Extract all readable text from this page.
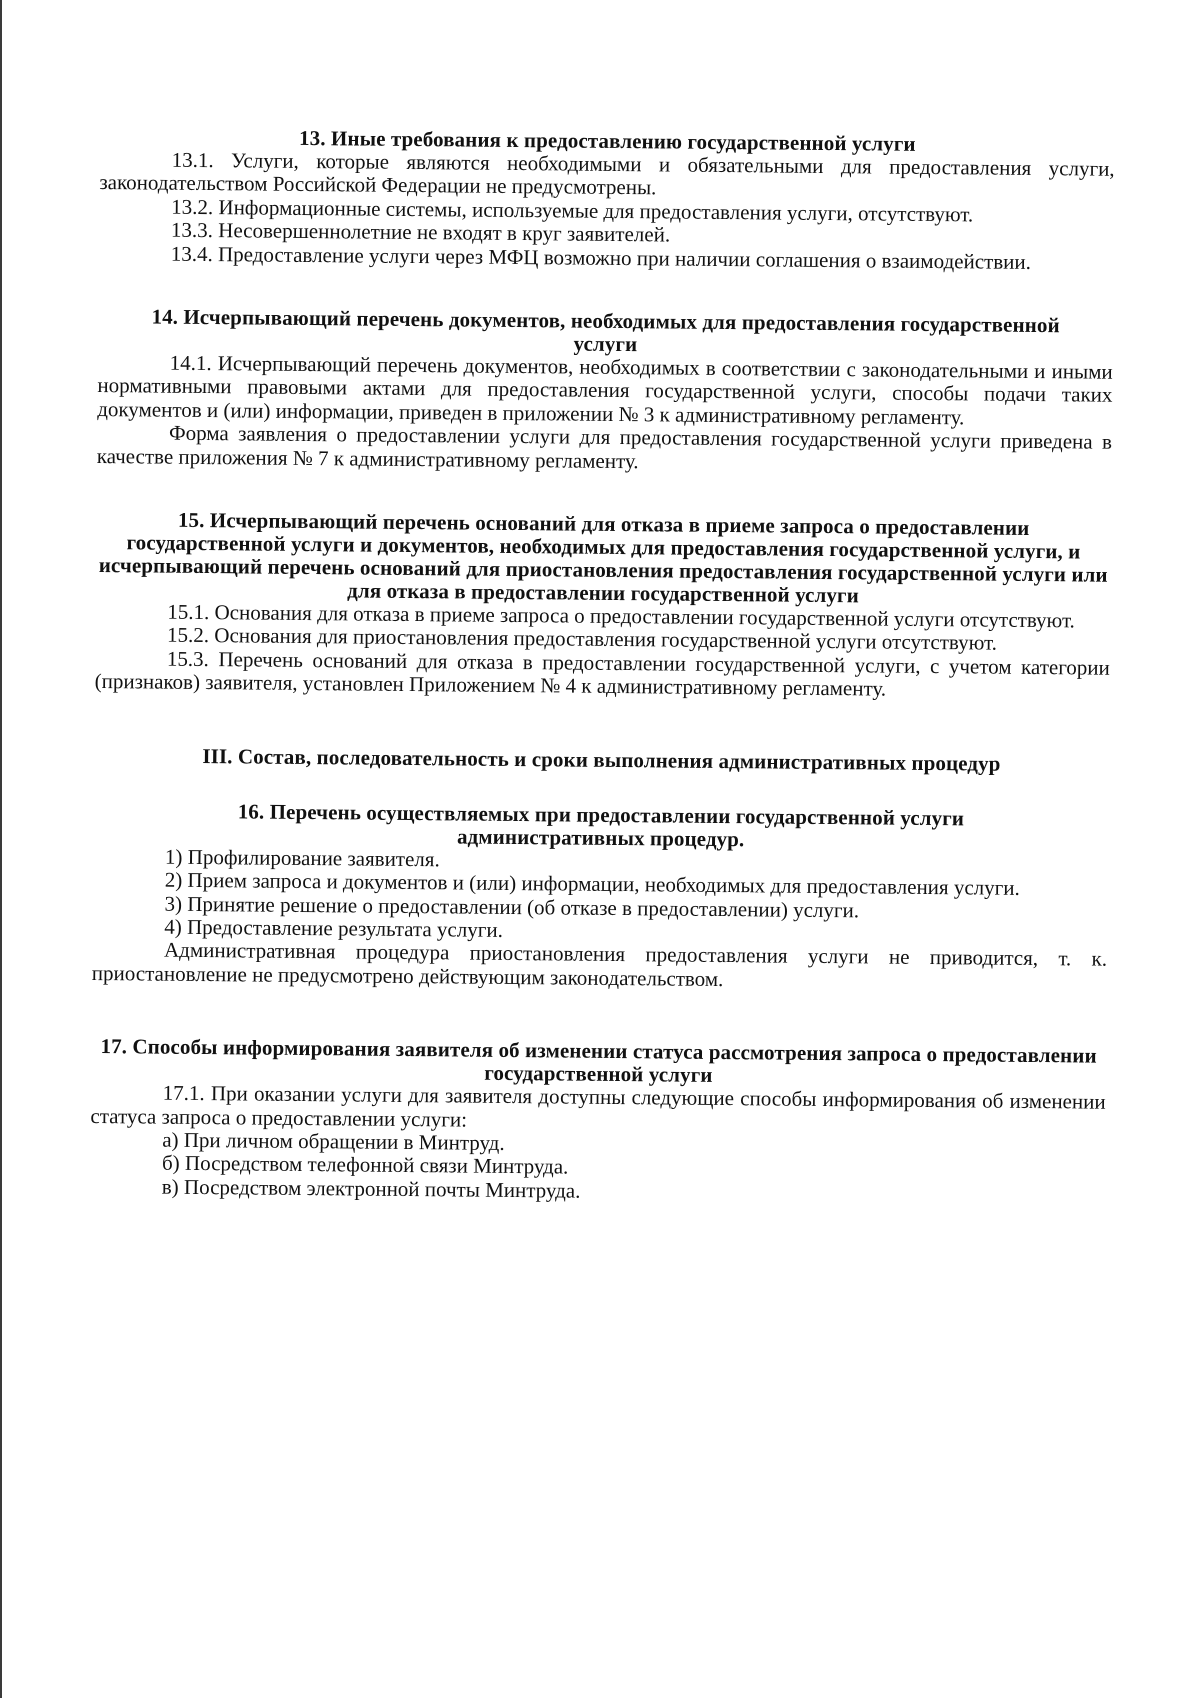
13. Иные требования к предоставлению государственной услуги

13.1. Услуги, которые являются необходимыми и обязательными для предоставления услуги, законодательством Российской Федерации не предусмотрены.

13.2. Информационные системы, используемые для предоставления услуги, отсутствуют.

13.3. Несовершеннолетние не входят в круг заявителей.

13.4. Предоставление услуги через МФЦ возможно при наличии соглашения о взаимодействии.

14. Исчерпывающий перечень документов, необходимых для предоставления государственной услуги

14.1. Исчерпывающий перечень документов, необходимых в соответствии с законодательными и иными нормативными правовыми актами для предоставления государственной услуги, способы подачи таких документов и (или) информации, приведен в приложении № 3 к административному регламенту.

Форма заявления о предоставлении услуги для предоставления государственной услуги приведена в качестве приложения № 7 к административному регламенту.

15. Исчерпывающий перечень оснований для отказа в приеме запроса о предоставлении государственной услуги и документов, необходимых для предоставления государственной услуги, и исчерпывающий перечень оснований для приостановления предоставления государственной услуги или для отказа в предоставлении государственной услуги

15.1. Основания для отказа в приеме запроса о предоставлении государственной услуги отсутствуют.

15.2. Основания для приостановления предоставления государственной услуги отсутствуют.

15.3. Перечень оснований для отказа в предоставлении государственной услуги, с учетом категории (признаков) заявителя, установлен Приложением № 4 к административному регламенту.

III. Состав, последовательность и сроки выполнения административных процедур
16. Перечень осуществляемых при предоставлении государственной услуги административных процедур.

1) Профилирование заявителя.

2) Прием запроса и документов и (или) информации, необходимых для предоставления услуги.

3) Принятие решение о предоставлении (об отказе в предоставлении) услуги.

4) Предоставление результата услуги.

Административная процедура приостановления предоставления услуги не приводится, т. к. приостановление не предусмотрено действующим законодательством.

17. Способы информирования заявителя об изменении статуса рассмотрения запроса о предоставлении государственной услуги

17.1. При оказании услуги для заявителя доступны следующие способы информирования об изменении статуса запроса о предоставлении услуги:

а) При личном обращении в Минтруд.

б) Посредством телефонной связи Минтруда.

в) Посредством электронной почты Минтруда.
